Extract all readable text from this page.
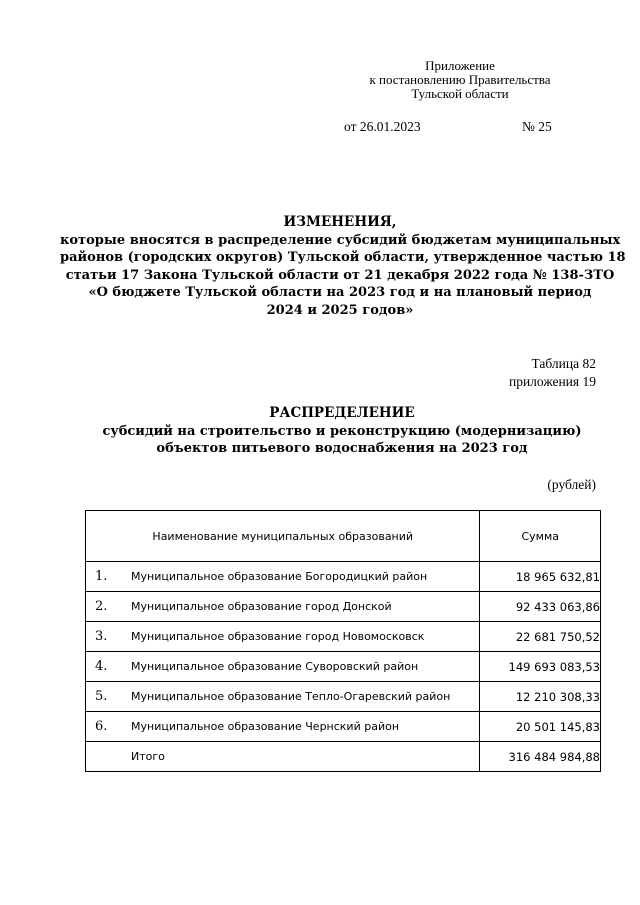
Приложение
к постановлению Правительства
Тульской области
от 26.01.2023	№ 25
ИЗМЕНЕНИЯ,
которые вносятся в распределение субсидий бюджетам муниципальных
районов (городских округов) Тульской области, утвержденное частью 18
статьи 17 Закона Тульской области от 21 декабря 2022 года № 138-ЗТО
«О бюджете Тульской области на 2023 год и на плановый период
2024 и 2025 годов»
Таблица 82
приложения 19
РАСПРЕДЕЛЕНИЕ
субсидий на строительство и реконструкцию (модернизацию)
объектов питьевого водоснабжения на 2023 год
(рублей)
Наименование муниципальных образований	Сумма
1. Муниципальное образование Богородицкий район	18 965 632,81
2. Муниципальное образование город Донской	92 433 063,86
3. Муниципальное образование город Новомосковск	22 681 750,52
4. Муниципальное образование Суворовский район	149 693 083,53
5. Муниципальное образование Тепло-Огаревский район	12 210 308,33
6. Муниципальное образование Чернский район	20 501 145,83
Итого	316 484 984,88
